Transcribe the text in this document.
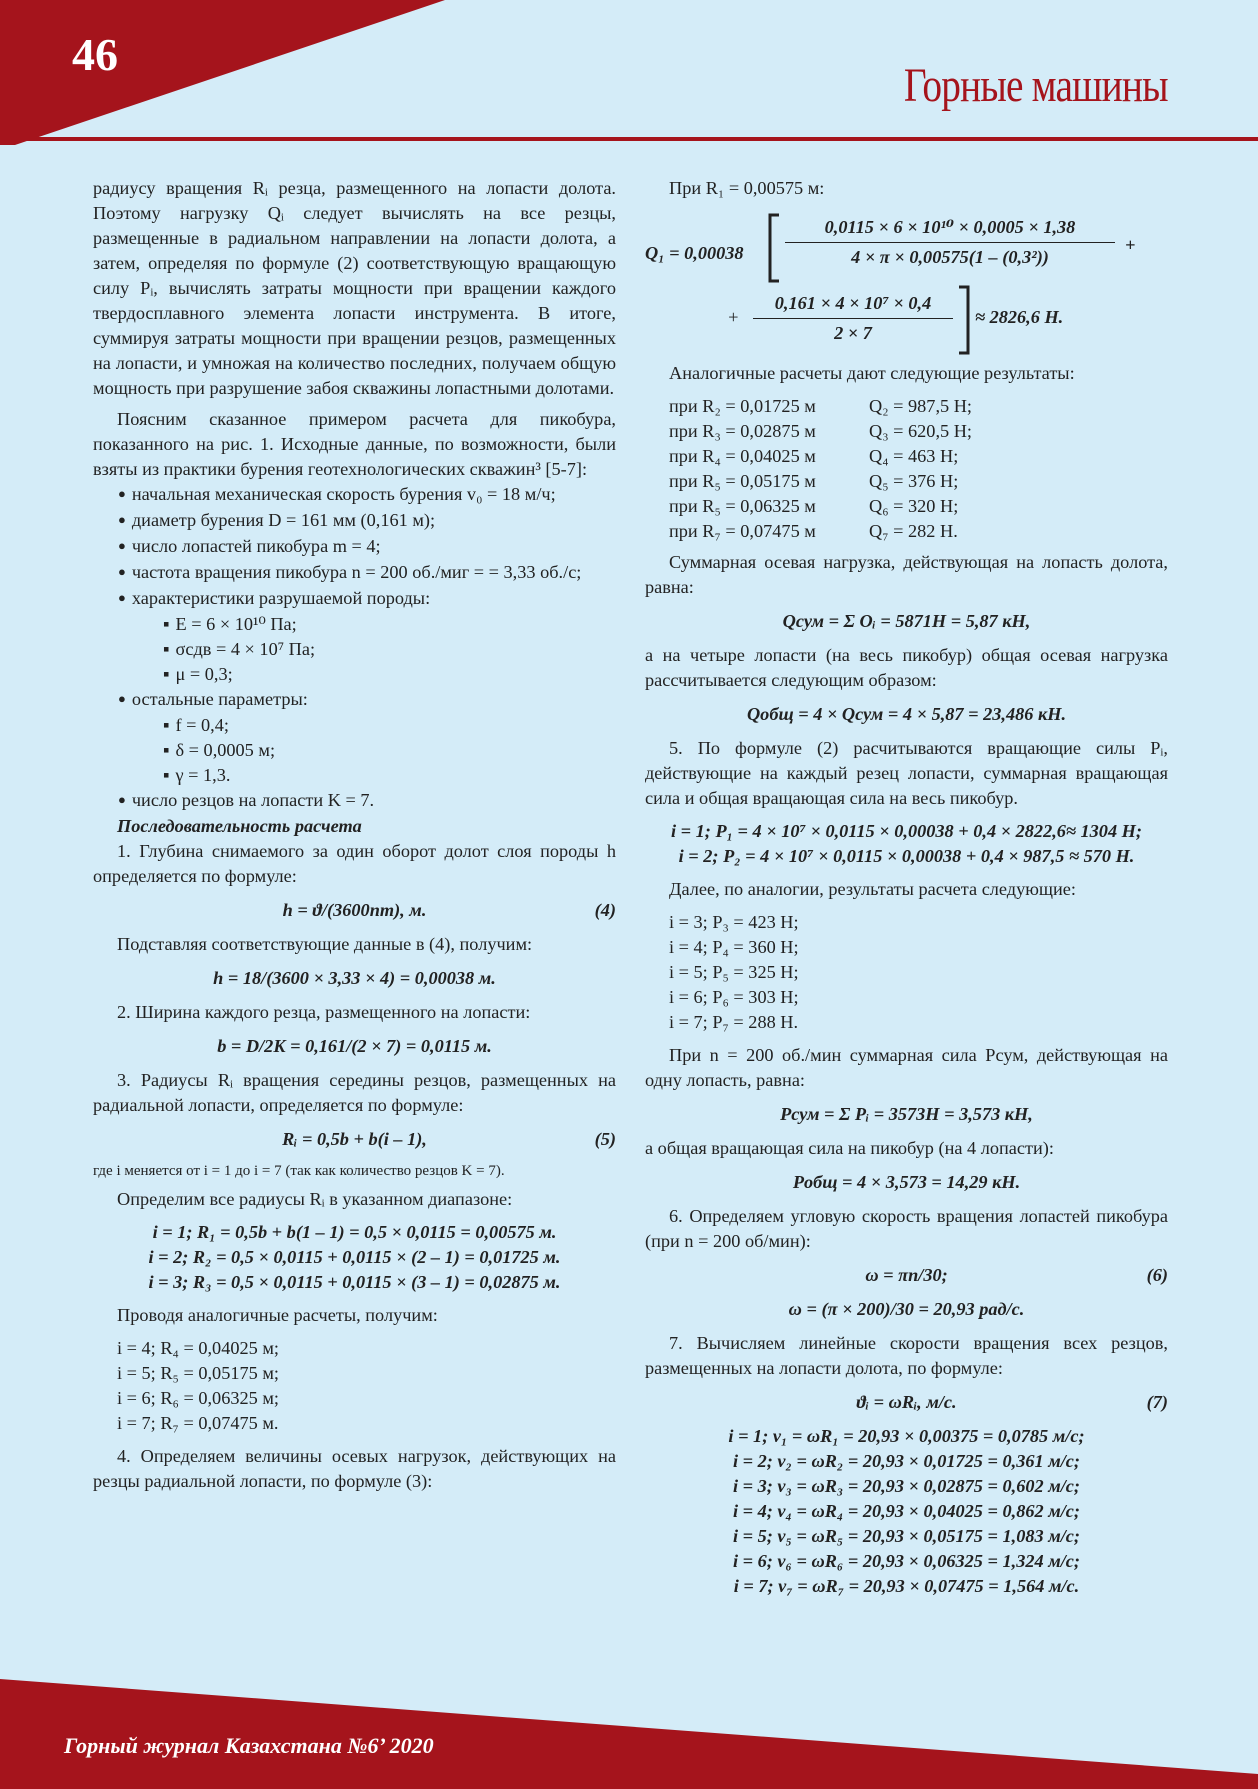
46
Горные машины

радиусу вращения Rᵢ резца, размещенного на лопасти долота. Поэтому нагрузку Qᵢ следует вычислять на все резцы, размещенные в радиальном направлении на лопасти долота, а затем, определяя по формуле (2) соответствующую вращающую силу Pᵢ, вычислять затраты мощности при вращении каждого твердосплавного элемента лопасти инструмента. В итоге, суммируя затраты мощности при вращении резцов, размещенных на лопасти, и умножая на количество последних, получаем общую мощность при разрушение забоя скважины лопастными долотами.

Поясним сказанное примером расчета для пикобура, показанного на рис. 1. Исходные данные, по возможности, были взяты из практики бурения геотехнологических скважин³ [5-7]:

● начальная механическая скорость бурения v₀ = 18 м/ч;
● диаметр бурения D = 161 мм (0,161 м);
● число лопастей пикобура m = 4;
● частота вращения пикобура n = 200 об./миг = = 3,33 об./с;
● характеристики разрушаемой породы:
▪ E = 6 × 10¹⁰ Па;
▪ σсдв = 4 × 10⁷ Па;
▪ μ = 0,3;
● остальные параметры:
▪ f = 0,4;
▪ δ = 0,0005 м;
▪ γ = 1,3.
● число резцов на лопасти K = 7.

Последовательность расчета

1. Глубина снимаемого за один оборот долот слоя породы h определяется по формуле:

h = ϑ/(3600nm), м.	(4)

Подставляя соответствующие данные в (4), получим:

h = 18/(3600 × 3,33 × 4) = 0,00038 м.

2. Ширина каждого резца, размещенного на лопасти:

b = D/2K = 0,161/(2 × 7) = 0,0115 м.

3. Радиусы Rᵢ вращения середины резцов, размещенных на радиальной лопасти, определяется по формуле:

Rᵢ = 0,5b + b(i – 1),	(5)

где i меняется от i = 1 до i = 7 (так как количество резцов K = 7).

Определим все радиусы Rᵢ в указанном диапазоне:

i = 1; R₁ = 0,5b + b(1 – 1) = 0,5 × 0,0115 = 0,00575 м.
i = 2; R₂ = 0,5 × 0,0115 + 0,0115 × (2 – 1) = 0,01725 м.
i = 3; R₃ = 0,5 × 0,0115 + 0,0115 × (3 – 1) = 0,02875 м.

Проводя аналогичные расчеты, получим:

i = 4; R₄ = 0,04025 м;
i = 5; R₅ = 0,05175 м;
i = 6; R₆ = 0,06325 м;
i = 7; R₇ = 0,07475 м.

4. Определяем величины осевых нагрузок, действующих на резцы радиальной лопасти, по формуле (3):

При R₁ = 0,00575 м:

$Q_1 = 0,00038 \frac{\text{0,0115 × 6 × 10¹⁰ × 0,0005 × 1,38}}{\text{4 × π × 0,00575(1 – (0,3²))}}$ +
+ $\frac{\text{0,161 × 4 × 10⁷ × 0,4}}{2 \times 7} \approx 2826,6$ Н.

Аналогичные расчеты дают следующие результаты:

при R₂ = 0,01725 м	Q₂ = 987,5 Н;
при R₃ = 0,02875 м	Q₃ = 620,5 Н;
при R₄ = 0,04025 м	Q₄ = 463 Н;
при R₅ = 0,05175 м	Q₅ = 376 Н;
при R₅ = 0,06325 м	Q₆ = 320 Н;
при R₇ = 0,07475 м	Q₇ = 282 Н.

Суммарная осевая нагрузка, действующая на лопасть долота, равна:

Qсум = Σ Oᵢ = 5871Н = 5,87 кН,

а на четыре лопасти (на весь пикобур) общая осевая нагрузка рассчитывается следующим образом:

Qобщ = 4 × Qсум = 4 × 5,87 = 23,486 кН.

5. По формуле (2) расчитываются вращающие силы Pᵢ, действующие на каждый резец лопасти, суммарная вращающая сила и общая вращающая сила на весь пикобур.

i = 1; P₁ = 4 × 10⁷ × 0,0115 × 0,00038 + 0,4 × 2822,6≈ 1304 Н;
i = 2; P₂ = 4 × 10⁷ × 0,0115 × 0,00038 + 0,4 × 987,5 ≈ 570 Н.

Далее, по аналогии, результаты расчета следующие:

i = 3; P₃ = 423 Н;
i = 4; P₄ = 360 Н;
i = 5; P₅ = 325 Н;
i = 6; P₆ = 303 Н;
i = 7; P₇ = 288 Н.

При n = 200 об./мин суммарная сила Pсум, действующая на одну лопасть, равна:

Pсум = Σ Pᵢ = 3573Н = 3,573 кН,

а общая вращающая сила на пикобур (на 4 лопасти):

Pобщ = 4 × 3,573 = 14,29 кН.

6. Определяем угловую скорость вращения лопастей пикобура (при n = 200 об/мин):

ω = πn/30;	(6)
ω = (π × 200)/30 = 20,93 рад/с.

7. Вычисляем линейные скорости вращения всех резцов, размещенных на лопасти долота, по формуле:

ϑᵢ = ωRᵢ, м/с.	(7)
i = 1; v₁ = ωR₁ = 20,93 × 0,00375 = 0,0785 м/с;
i = 2; v₂ = ωR₂ = 20,93 × 0,01725 = 0,361 м/с;
i = 3; v₃ = ωR₃ = 20,93 × 0,02875 = 0,602 м/с;
i = 4; v₄ = ωR₄ = 20,93 × 0,04025 = 0,862 м/с;
i = 5; v₅ = ωR₅ = 20,93 × 0,05175 = 1,083 м/с;
i = 6; v₆ = ωR₆ = 20,93 × 0,06325 = 1,324 м/с;
i = 7; v₇ = ωR₇ = 20,93 × 0,07475 = 1,564 м/с.
Горный журнал Казахстана №6’ 2020
